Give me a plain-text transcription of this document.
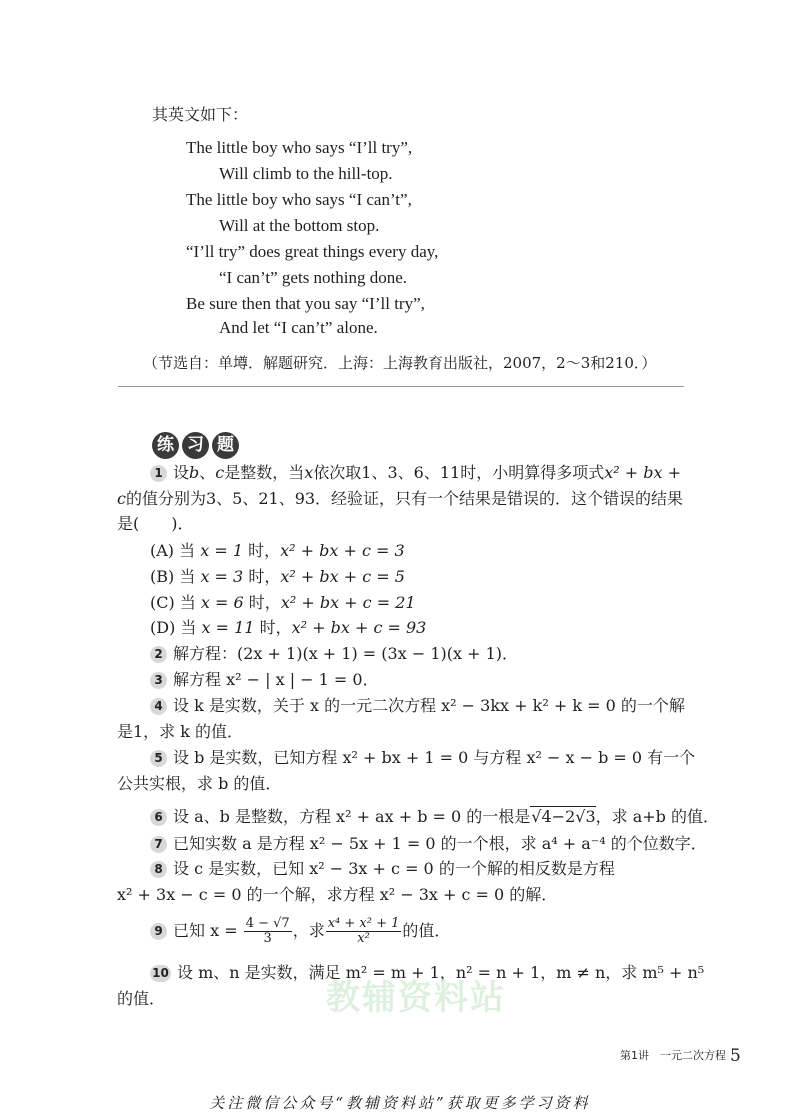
其英文如下：
The little boy who says “I’ll try”,
Will climb to the hill-top.
The little boy who says “I can’t”,
Will at the bottom stop.
“I’ll try” does great things every day,
“I can’t” gets nothing done.
Be sure then that you say “I’ll try”,
And let “I can’t” alone.
（节选自：单墫．解题研究．上海：上海教育出版社，2007，2～3和210．）
练 习 题
1 设b、c是整数，当x依次取1、3、6、11时，小明算得多项式x² + bx +
c的值分别为3、5、21、93．经验证，只有一个结果是错误的．这个错误的结果
是(　　)．
(A) 当 x = 1 时，x² + bx + c = 3
(B) 当 x = 3 时，x² + bx + c = 5
(C) 当 x = 6 时，x² + bx + c = 21
(D) 当 x = 11 时，x² + bx + c = 93
2 解方程：(2x + 1)(x + 1) = (3x − 1)(x + 1)．
3 解方程 x² − | x | − 1 = 0．
4 设 k 是实数，关于 x 的一元二次方程 x² − 3kx + k² + k = 0 的一个解
是1，求 k 的值．
5 设 b 是实数，已知方程 x² + bx + 1 = 0 与方程 x² − x − b = 0 有一个
公共实根，求 b 的值．
6 设 a、b 是整数，方程 x² + ax + b = 0 的一根是√4−2√3，求 a+b 的值．
7 已知实数 a 是方程 x² − 5x + 1 = 0 的一个根，求 a⁴ + a⁻⁴ 的个位数字．
8 设 c 是实数，已知 x² − 3x + c = 0 的一个解的相反数是方程
x² + 3x − c = 0 的一个解，求方程 x² − 3x + c = 0 的解．
9 已知 $x = \frac{4 - √7}{3}$ ，求 $\frac{\text{x⁴ + x² + 1}}{\text{x²}}$ 的值．
10 设 m、n 是实数，满足 m² = m + 1，n² = n + 1，m ≠ n，求 m⁵ + n⁵
的值．	教辅资料站
第1讲　一元二次方程 5
关注微信公众号“教辅资料站”获取更多学习资料
